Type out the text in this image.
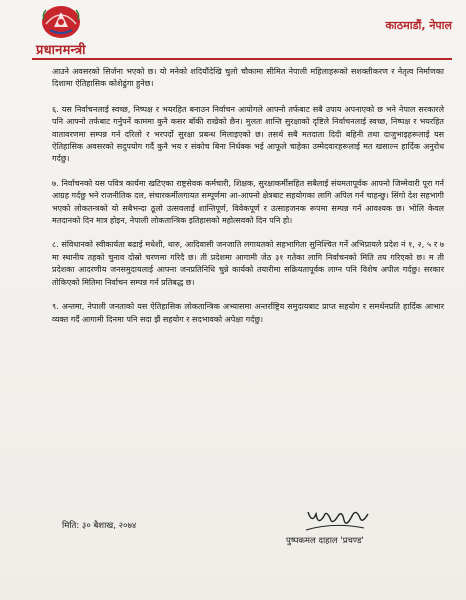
प्रधानमन्त्री
काठमाडौं, नेपाल

आउने अवसरको सिर्जना भएको छ। यो मनेको शदियौंदेखि चुलो चौकामा सीमित नेपाली महिलाहरूको सशक्तीकरण र नेतृत्व निर्माणका दिशामा ऐतिहासिक कोशेढुंगा हुनेछ।

६. यस निर्वाचनलाई स्वच्छ, निष्पक्ष र भयरहित बनाउन निर्वाचन आयोगले आफ्नो तर्फबाट सबै उपाय अपनाएको छ भने नेपाल सरकारले पनि आफ्नो तर्फबाट गर्नुपर्ने काममा कुनै कसर बाँकी राखेको छैन। मुलतः शान्ति सुरक्षाको दृष्टिले निर्वाचनलाई स्वच्छ, निष्पक्ष र भयरहित वातावरणमा सम्पन्न गर्न दरिलो र भरपर्दो सुरक्षा प्रबन्ध मिलाइएको छ। तसर्थ सबै मतदाता दिदी बहिनी तथा दाजुभाइहरूलाई यस ऐतिहासिक अवसरको सदुपयोग गर्दै कुनै भय र संकोच बिना निर्धक्क भई आफूले चाहेका उम्मेदवारहरूलाई मत खसाल्न हार्दिक अनुरोध गर्दछु।

७. निर्वाचनको यस पवित्र कार्यमा खटिएका राष्ट्रसेवक कर्मचारी, शिक्षक, सुरक्षाकर्मीसहित सबैलाई संयमतापूर्वक आफ्नो जिम्मेवारी पूरा गर्न आग्रह गर्दछु भने राजनीतिक दल, संचारकर्मीलगायत सम्पूर्णमा आ-आफ्नो क्षेत्रबाट सहयोगका लागि अपिल गर्न चाहन्छु। सिंगो देश सहभागी भएको लोकतन्त्रको यो सबैभन्दा ठूलो उत्सवलाई शान्तिपूर्ण, विवेकपूर्ण र उत्साहजनक रूपमा सम्पन्न गर्न आवश्यक छ। भोलि केवल मतदानको दिन मात्र होइन, नेपाली लोकतान्त्रिक इतिहासको महोत्सवको दिन पनि हो।

८. संविधानको स्वीकार्यता बढाई मधेशी, थारु, आदिवासी जनजाति लगायतको सहभागिता सुनिश्चित गर्ने अभिप्रायले प्रदेश नं १, २, ५ र ७ मा स्थानीय तहको चुनाव दोस्रो चरणमा गरिदै छ। ती प्रदेशमा आगामी जेठ ३१ गतेका लागि निर्वाचनको मिति तय गरिएको छ। म ती प्रदेशका आदरणीय जनसमुदायलाई आफ्ना जनप्रतिनिधि चुन्ने कार्यको तयारीमा सक्रियतापूर्वक लाग्न पनि विशेष अपील गर्दछु। सरकार तोकिएको मितिमा निर्वाचन सम्पन्न गर्न प्रतिबद्ध छ।

९. अन्तमा, नेपाली जनताको यस ऐतिहासिक लोकतान्त्रिक अभ्यासमा अन्तर्राष्ट्रिय समुदायबाट प्राप्त सहयोग र समर्थनप्रति हार्दिक आभार व्यक्त गर्दै आगामी दिनमा पनि सदा झैं सहयोग र सदभावको अपेक्षा गर्दछु।

मिति: ३० बैशाख, २०७४
पुष्पकमल दाहाल 'प्रचण्ड'
